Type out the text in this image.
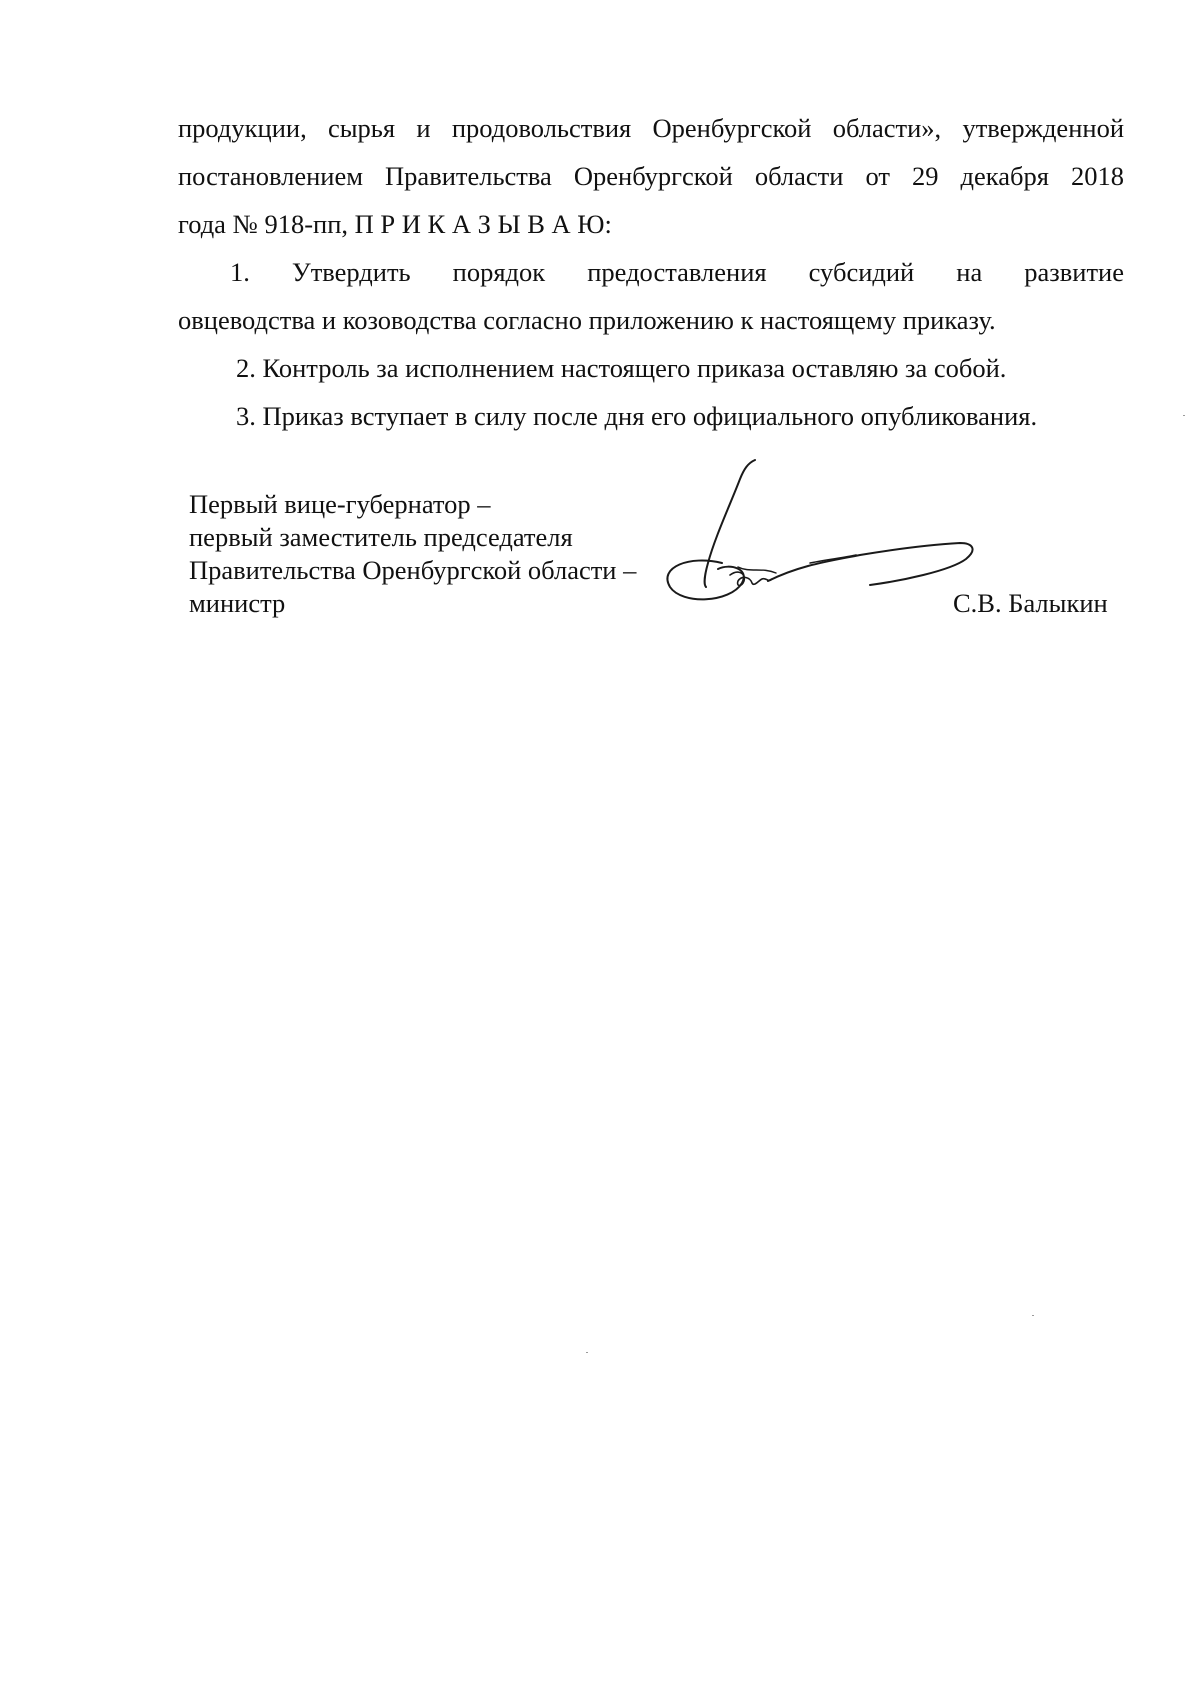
продукции, сырья и продовольствия Оренбургской области», утвержденной

постановлением Правительства Оренбургской области от 29 декабря 2018

года № 918-пп, П Р И К А З Ы В А Ю:

1. Утвердить порядок предоставления субсидий на развитие

овцеводства и козоводства согласно приложению к настоящему приказу.

2. Контроль за исполнением настоящего приказа оставляю за собой.

3. Приказ вступает в силу после дня его официального опубликования.

Первый вице-губернатор –
первый заместитель председателя
Правительства Оренбургской области –
министр	С.В. Балыкин
